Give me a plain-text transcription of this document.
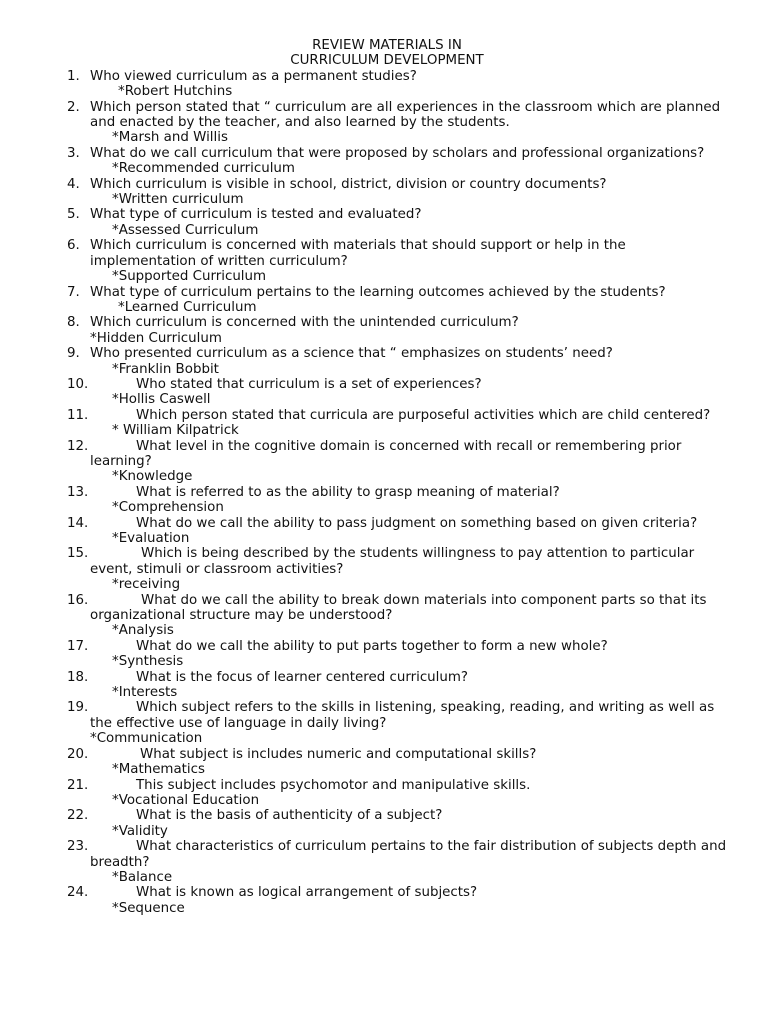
REVIEW MATERIALS IN
CURRICULUM DEVELOPMENT
1. Who viewed curriculum as a permanent studies?
*Robert Hutchins
2. Which person stated that “ curriculum are all experiences in the classroom which are planned and enacted by the teacher, and also learned by the students.
*Marsh and Willis
3. What do we call curriculum that were proposed by scholars and professional organizations?
*Recommended curriculum
4. Which curriculum is visible in school, district, division or country documents?
*Written curriculum
5. What type of curriculum is tested and evaluated?
*Assessed Curriculum
6. Which curriculum is concerned with materials that should support or help in the implementation of written curriculum?
*Supported Curriculum
7. What type of curriculum pertains to the learning outcomes achieved by the students?
*Learned Curriculum
8. Which curriculum is concerned with the unintended curriculum?
*Hidden Curriculum
9. Who presented curriculum as a science that “ emphasizes on students’ need?
*Franklin Bobbit
10.	Who stated that curriculum is a set of experiences?
*Hollis Caswell
11.	Which person stated that curricula are purposeful activities which are child centered?
* William Kilpatrick
12.	What level in the cognitive domain is concerned with recall or remembering prior learning?
*Knowledge
13.	What is referred to as the ability to grasp meaning of material?
*Comprehension
14.	What do we call the ability to pass judgment on something based on given criteria?
*Evaluation
15.	Which is being described by the students willingness to pay attention to particular event, stimuli or classroom activities?
*receiving
16.	What do we call the ability to break down materials into component parts so that its organizational structure may be understood?
*Analysis
17.	What do we call the ability to put parts together to form a new whole?
*Synthesis
18.	What is the focus of learner centered curriculum?
*Interests
19.	Which subject refers to the skills in listening, speaking, reading, and writing as well as the effective use of language in daily living?
*Communication
20.	What subject is includes numeric and computational skills?
*Mathematics
21.	This subject includes psychomotor and manipulative skills.
*Vocational Education
22.	What is the basis of authenticity of a subject?
*Validity
23.	What characteristics of curriculum pertains to the fair distribution of subjects depth and breadth?
*Balance
24.	What is known as logical arrangement of subjects?
*Sequence
